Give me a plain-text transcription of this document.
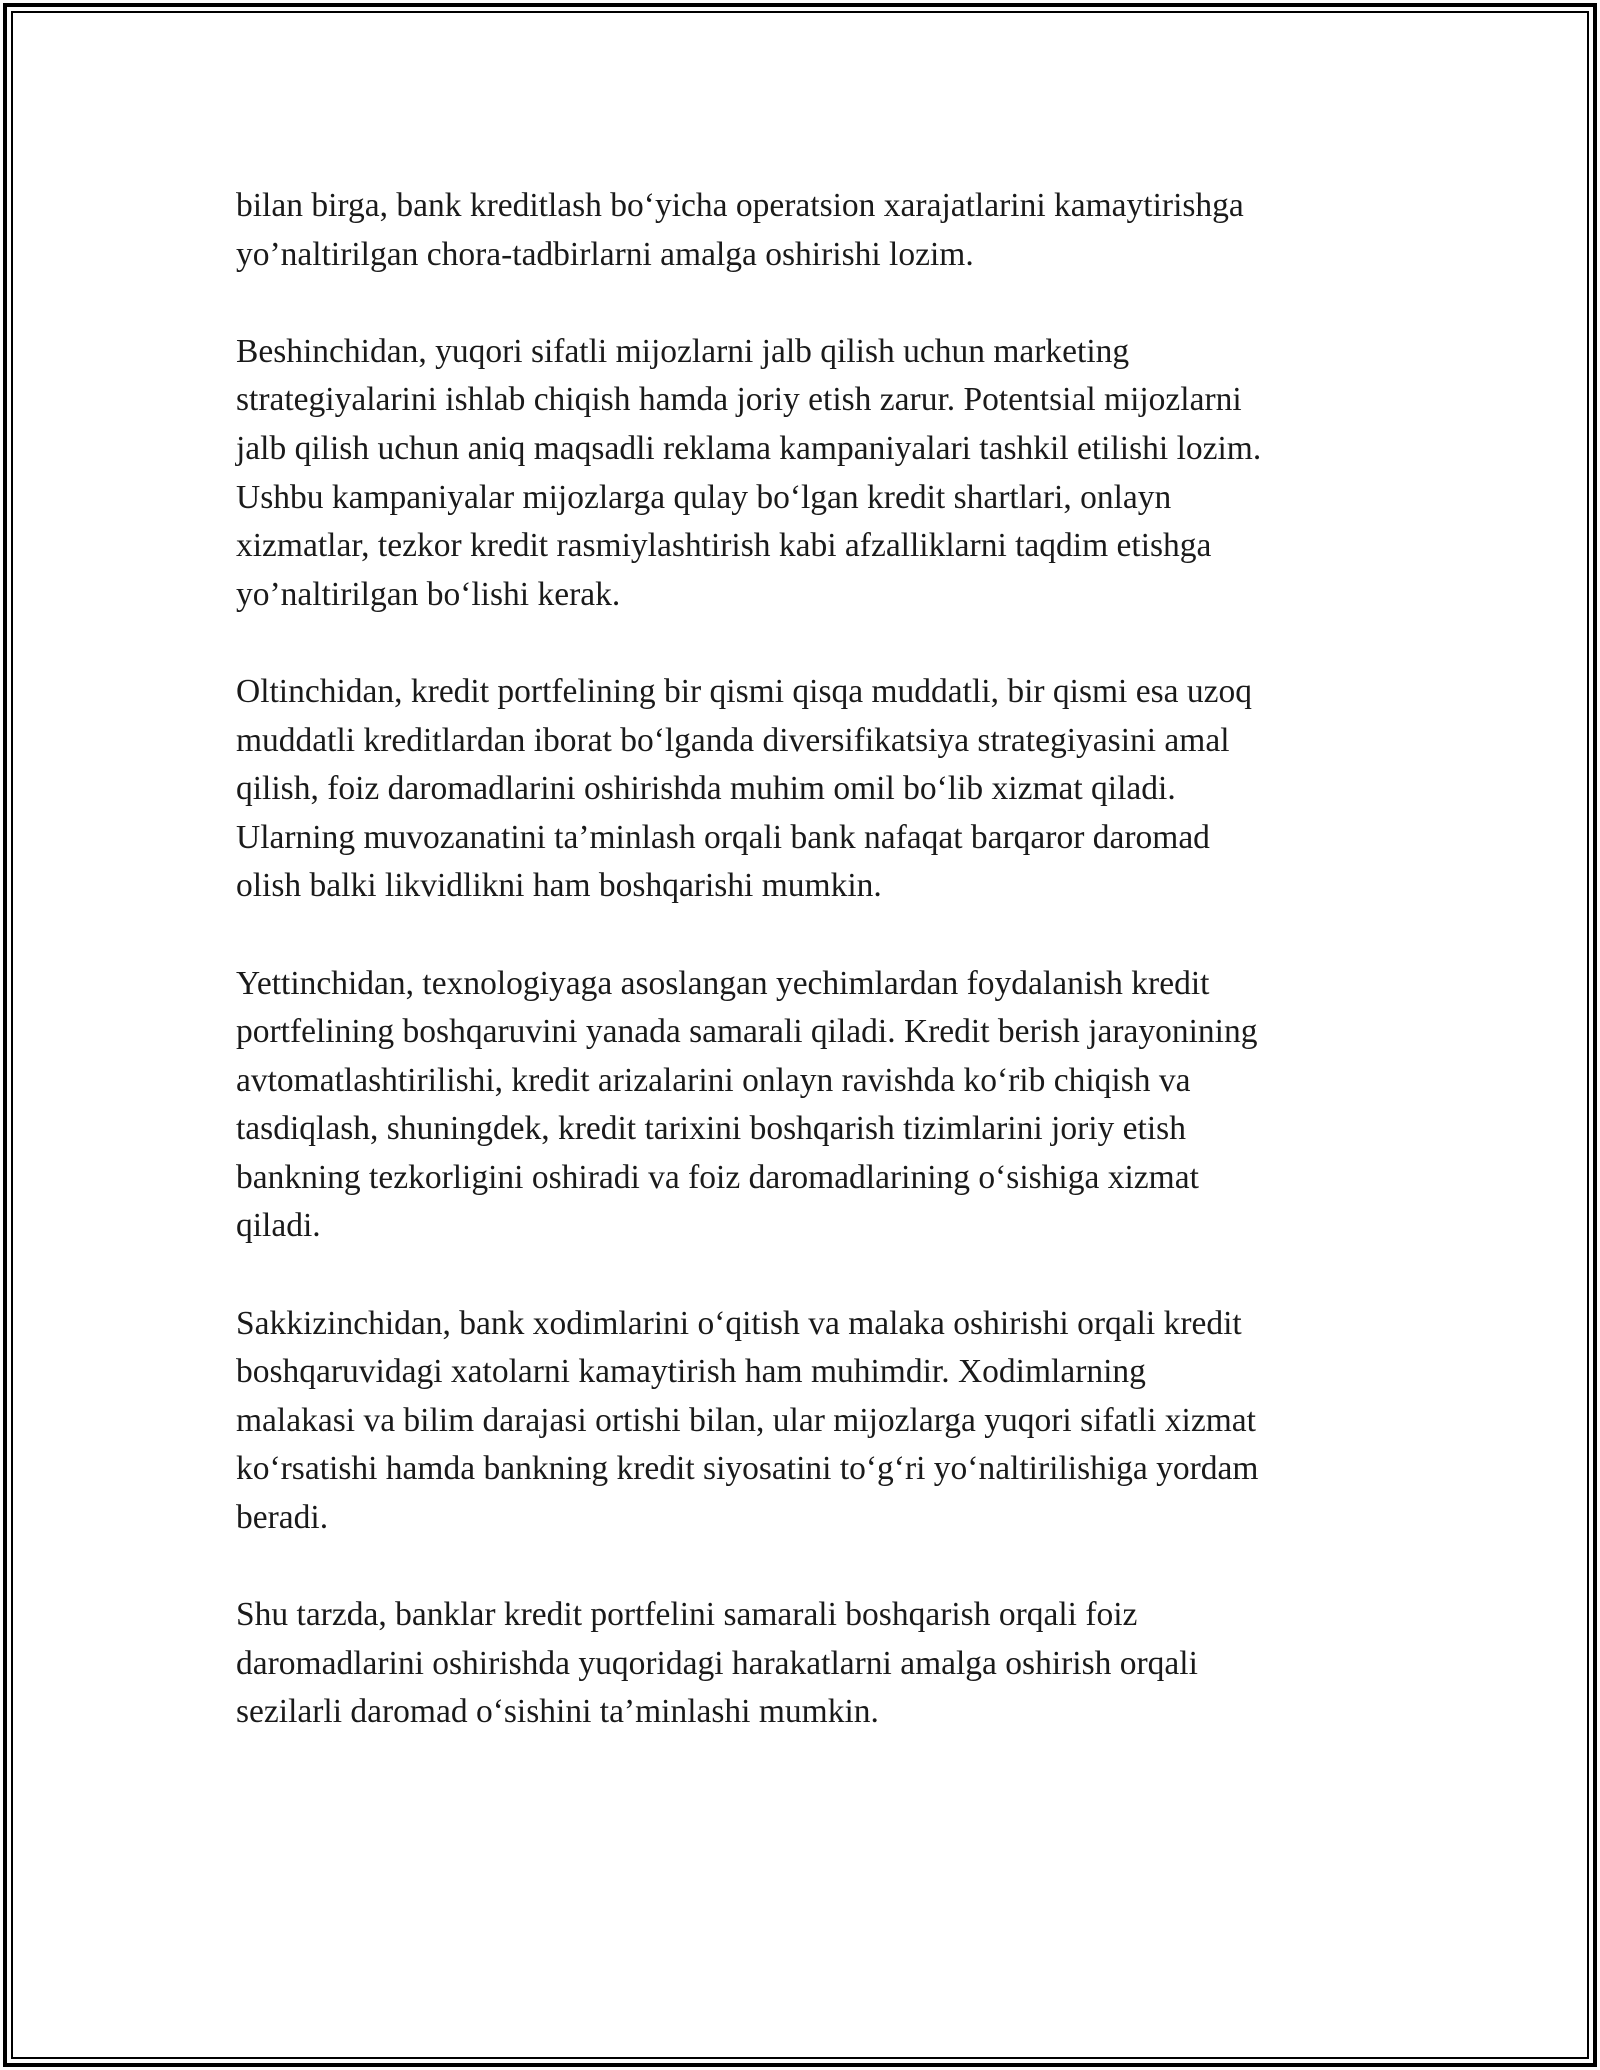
bilan birga, bank kreditlash bo‘yicha operatsion xarajatlarini kamaytirishga
yo’naltirilgan chora-tadbirlarni amalga oshirishi lozim.

Beshinchidan, yuqori sifatli mijozlarni jalb qilish uchun marketing
strategiyalarini ishlab chiqish hamda joriy etish zarur. Potentsial mijozlarni
jalb qilish uchun aniq maqsadli reklama kampaniyalari tashkil etilishi lozim.
Ushbu kampaniyalar mijozlarga qulay bo‘lgan kredit shartlari, onlayn
xizmatlar, tezkor kredit rasmiylashtirish kabi afzalliklarni taqdim etishga
yo’naltirilgan bo‘lishi kerak.

Oltinchidan, kredit portfelining bir qismi qisqa muddatli, bir qismi esa uzoq
muddatli kreditlardan iborat bo‘lganda diversifikatsiya strategiyasini amal
qilish, foiz daromadlarini oshirishda muhim omil bo‘lib xizmat qiladi.
Ularning muvozanatini ta’minlash orqali bank nafaqat barqaror daromad
olish balki likvidlikni ham boshqarishi mumkin.

Yettinchidan, texnologiyaga asoslangan yechimlardan foydalanish kredit
portfelining boshqaruvini yanada samarali qiladi. Kredit berish jarayonining
avtomatlashtirilishi, kredit arizalarini onlayn ravishda ko‘rib chiqish va
tasdiqlash, shuningdek, kredit tarixini boshqarish tizimlarini joriy etish
bankning tezkorligini oshiradi va foiz daromadlarining o‘sishiga xizmat
qiladi.

Sakkizinchidan, bank xodimlarini o‘qitish va malaka oshirishi orqali kredit
boshqaruvidagi xatolarni kamaytirish ham muhimdir. Xodimlarning
malakasi va bilim darajasi ortishi bilan, ular mijozlarga yuqori sifatli xizmat
ko‘rsatishi hamda bankning kredit siyosatini to‘g‘ri yo‘naltirilishiga yordam
beradi.

Shu tarzda, banklar kredit portfelini samarali boshqarish orqali foiz
daromadlarini oshirishda yuqoridagi harakatlarni amalga oshirish orqali
sezilarli daromad o‘sishini ta’minlashi mumkin.
